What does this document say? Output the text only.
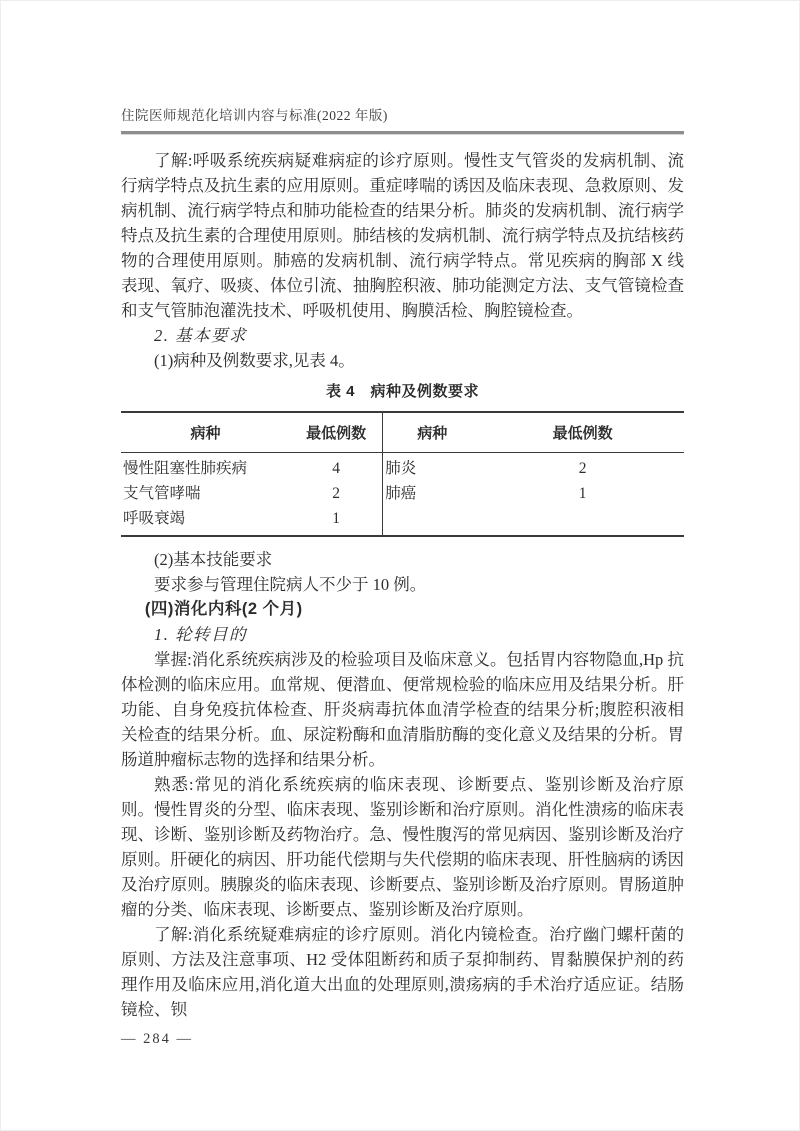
住院医师规范化培训内容与标准(2022 年版)

了解:呼吸系统疾病疑难病症的诊疗原则。慢性支气管炎的发病机制、流行病学特点及抗生素的应用原则。重症哮喘的诱因及临床表现、急救原则、发病机制、流行病学特点和肺功能检查的结果分析。肺炎的发病机制、流行病学特点及抗生素的合理使用原则。肺结核的发病机制、流行病学特点及抗结核药物的合理使用原则。肺癌的发病机制、流行病学特点。常见疾病的胸部 X 线表现、氧疗、吸痰、体位引流、抽胸腔积液、肺功能测定方法、支气管镜检查和支气管肺泡灌洗技术、呼吸机使用、胸膜活检、胸腔镜检查。

2. 基本要求

(1)病种及例数要求,见表 4。

表 4　病种及例数要求
病种	最低例数	病种	最低例数
慢性阻塞性肺疾病	4	肺炎	2
支气管哮喘	2	肺癌	1
呼吸衰竭	1		

(2)基本技能要求

要求参与管理住院病人不少于 10 例。

(四)消化内科(2 个月)

1. 轮转目的

掌握:消化系统疾病涉及的检验项目及临床意义。包括胃内容物隐血,Hp 抗体检测的临床应用。血常规、便潜血、便常规检验的临床应用及结果分析。肝功能、自身免疫抗体检查、肝炎病毒抗体血清学检查的结果分析;腹腔积液相关检查的结果分析。血、尿淀粉酶和血清脂肪酶的变化意义及结果的分析。胃肠道肿瘤标志物的选择和结果分析。

熟悉:常见的消化系统疾病的临床表现、诊断要点、鉴别诊断及治疗原则。慢性胃炎的分型、临床表现、鉴别诊断和治疗原则。消化性溃疡的临床表现、诊断、鉴别诊断及药物治疗。急、慢性腹泻的常见病因、鉴别诊断及治疗原则。肝硬化的病因、肝功能代偿期与失代偿期的临床表现、肝性脑病的诱因及治疗原则。胰腺炎的临床表现、诊断要点、鉴别诊断及治疗原则。胃肠道肿瘤的分类、临床表现、诊断要点、鉴别诊断及治疗原则。

了解:消化系统疑难病症的诊疗原则。消化内镜检查。治疗幽门螺杆菌的原则、方法及注意事项、H2 受体阻断药和质子泵抑制药、胃黏膜保护剂的药理作用及临床应用,消化道大出血的处理原则,溃疡病的手术治疗适应证。结肠镜检、钡

— 284 —
